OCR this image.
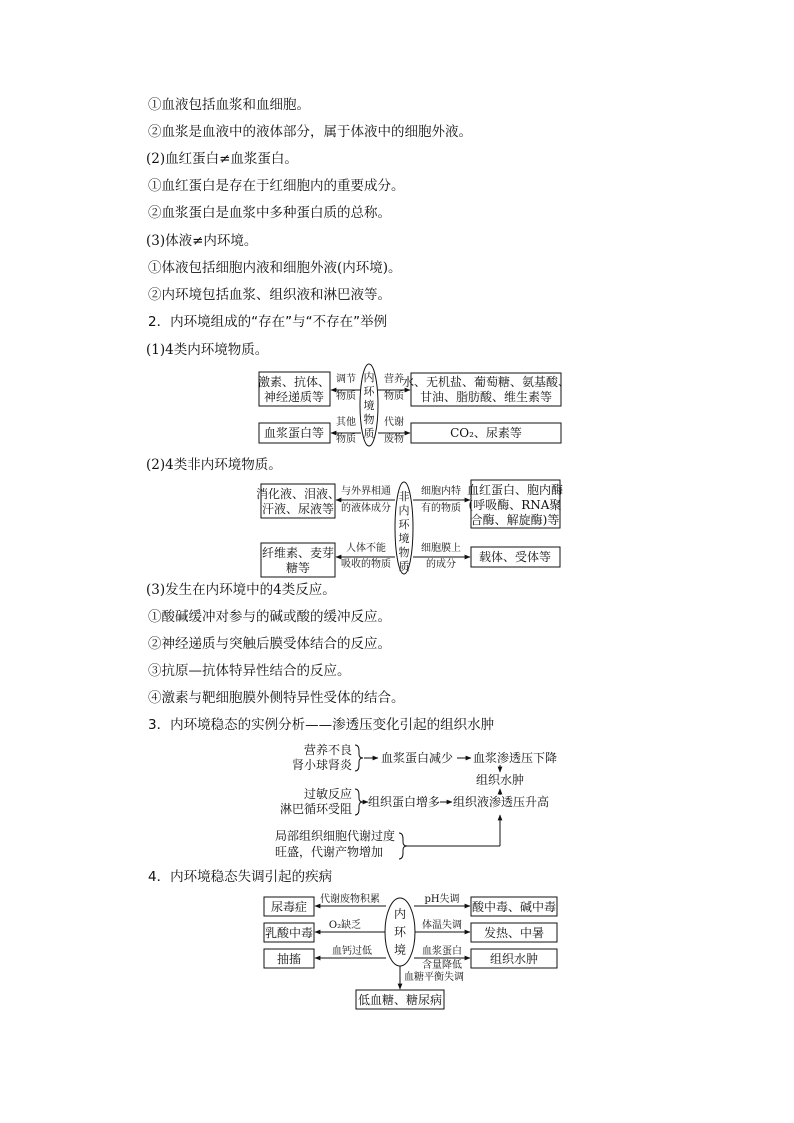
①血液包括血浆和血细胞。
②血浆是血液中的液体部分，属于体液中的细胞外液。
(2)血红蛋白≠血浆蛋白。
①血红蛋白是存在于红细胞内的重要成分。
②血浆蛋白是血浆中多种蛋白质的总称。
(3)体液≠内环境。
①体液包括细胞内液和细胞外液(内环境)。
②内环境包括血浆、组织液和淋巴液等。
2．内环境组成的“存在”与“不存在”举例
(1)4类内环境物质。
(2)4类非内环境物质。
(3)发生在内环境中的4类反应。
①酸碱缓冲对参与的碱或酸的缓冲反应。
②神经递质与突触后膜受体结合的反应。
③抗原—抗体特异性结合的反应。
④激素与靶细胞膜外侧特异性受体的结合。
3．内环境稳态的实例分析——渗透压变化引起的组织水肿
4．内环境稳态失调引起的疾病
激素、抗体、
神经递质等
调节
物质
血浆蛋白等
其他
物质
内
环
境
物
质
营养
物质
水、无机盐、葡萄糖、氨基酸、
甘油、脂肪酸、维生素等
代谢
废物	CO₂、尿素等
消化液、泪液、
汗液、尿液等
与外界相通
的液体成分
纤维素、麦芽
糖等
人体不能
吸收的物质
非
内
环
境
物
质
细胞内特
有的物质
血红蛋白、胞内酶
(呼吸酶、RNA聚
合酶、解旋酶)等
细胞膜上
的成分
载体、受体等
营养不良
肾小球肾炎 血浆蛋白减少 血浆渗透压下降
组织水肿
过敏反应
淋巴循环受阻 组织蛋白增多 组织液渗透压升高
局部组织细胞代谢过度
旺盛，代谢产物增加
内
环
境
尿毒症
代谢废物积累
乳酸中毒
O₂缺乏
抽搐
血钙过低
pH失调
酸中毒、碱中毒
体温失调
发热、中暑
血浆蛋白
含量降低 组织水肿
血糖平衡失调
低血糖、糖尿病
